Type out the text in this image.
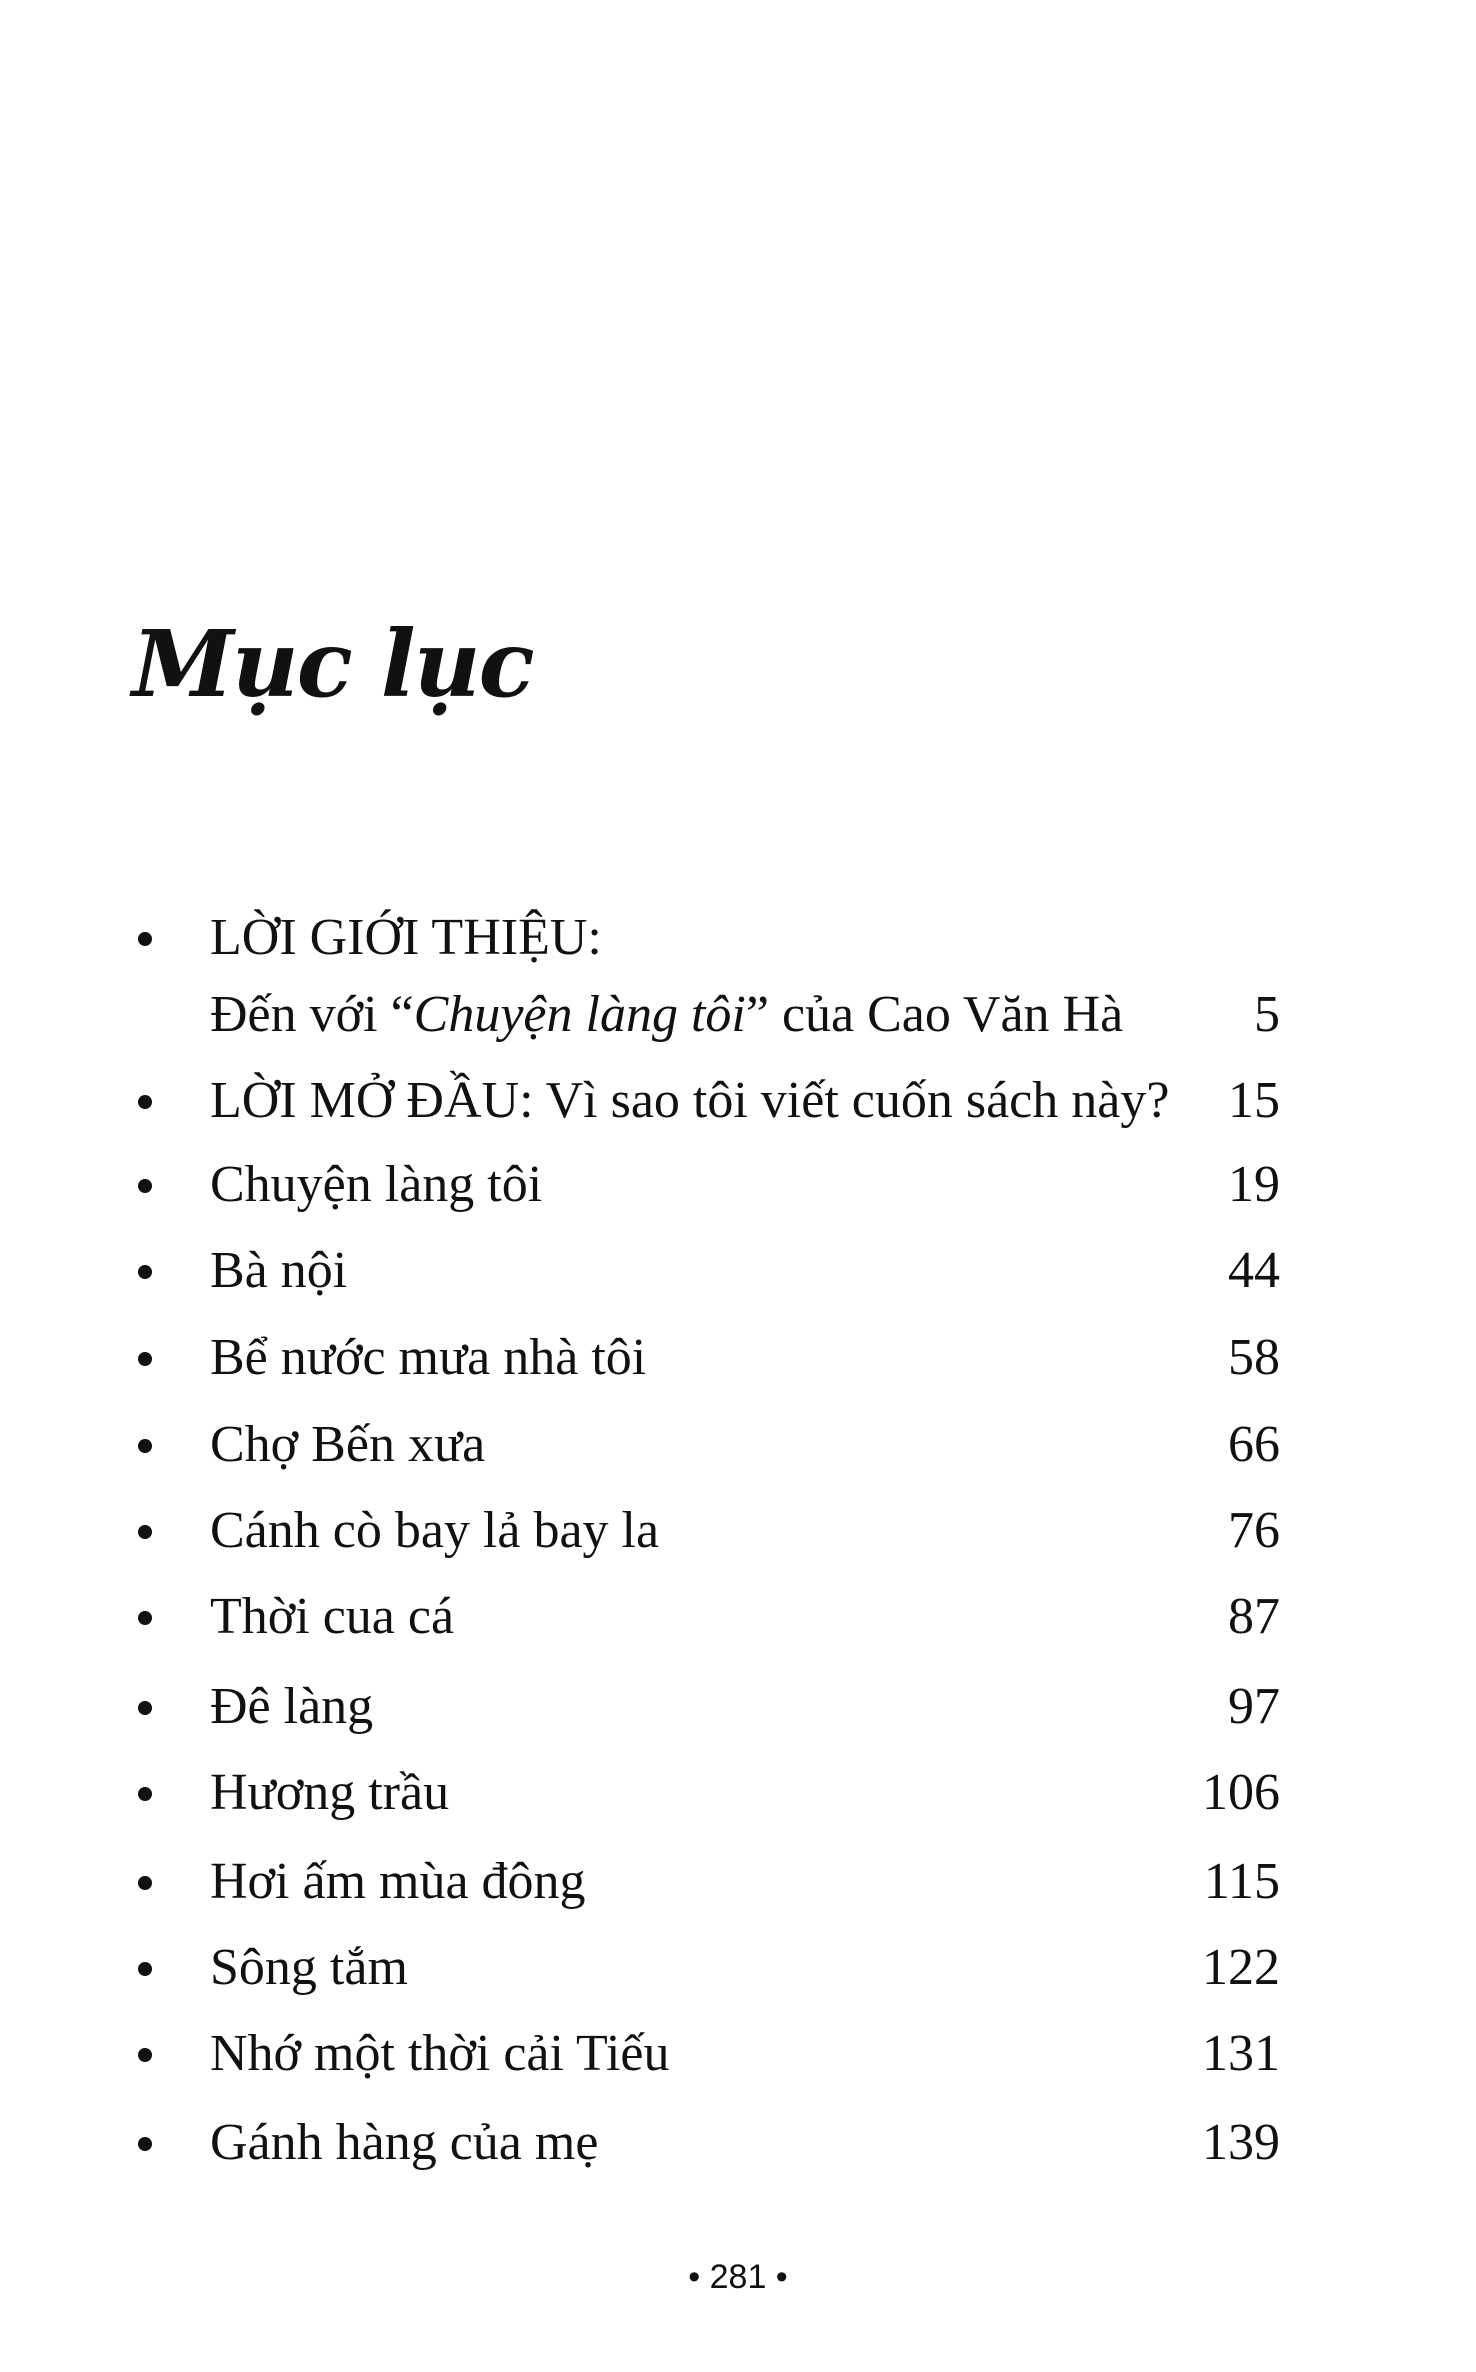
Mục lục
LỜI GIỚI THIỆU:
Đến với “Chuyện làng tôi” của Cao Văn Hà	5
LỜI MỞ ĐẦU: Vì sao tôi viết cuốn sách này? 15
Chuyện làng tôi	19
Bà nội	44
Bể nước mưa nhà tôi	58
Chợ Bến xưa	66
Cánh cò bay lả bay la	76
Thời cua cá	87
Đê làng	97
Hương trầu	106
Hơi ấm mùa đông	115
Sông tắm	122
Nhớ một thời cải Tiếu	131
Gánh hàng của mẹ	139
• 281 •
